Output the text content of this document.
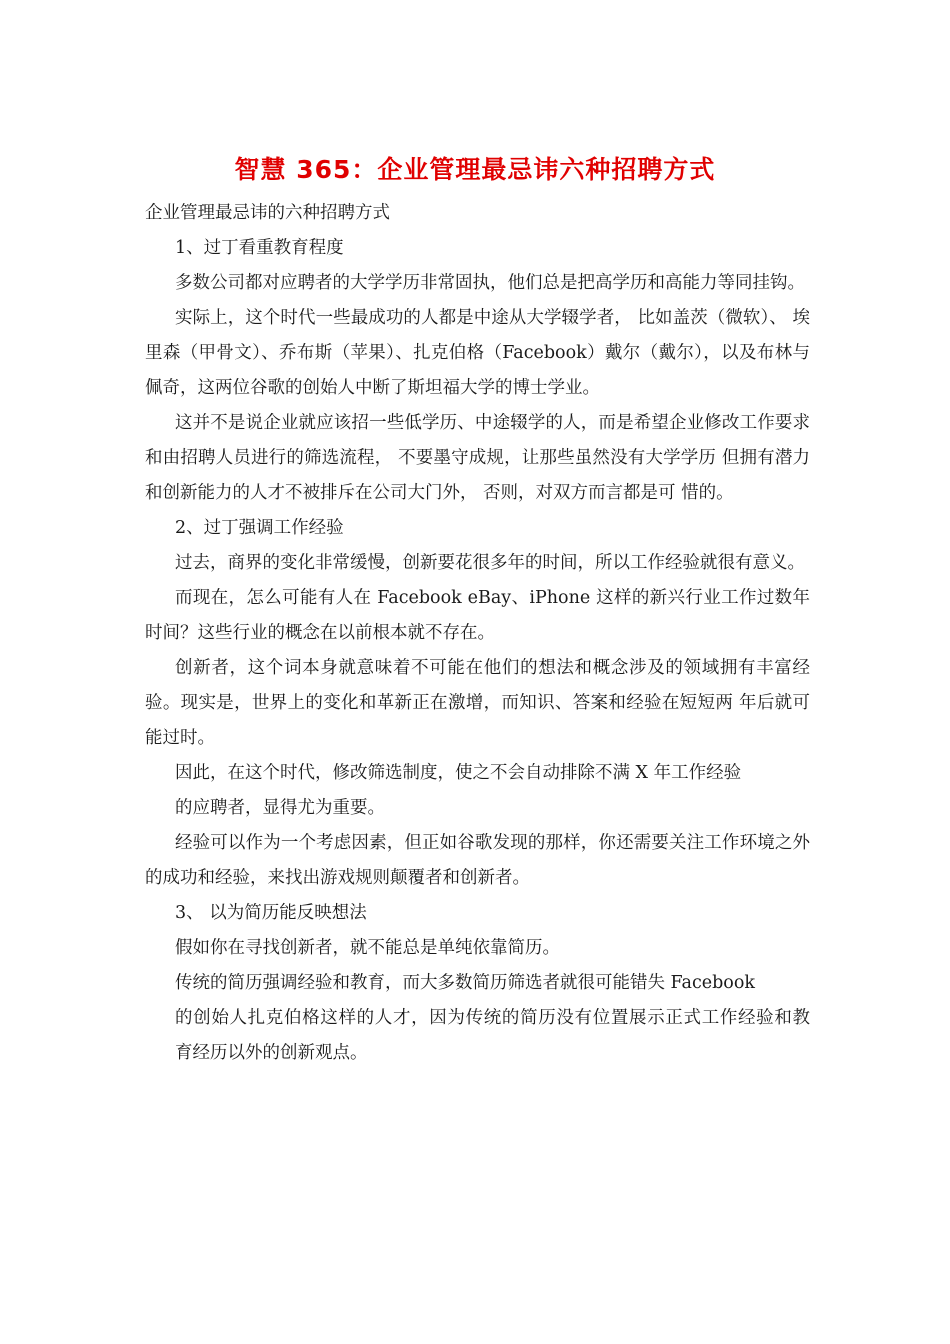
智慧 365：企业管理最忌讳六种招聘方式

企业管理最忌讳的六种招聘方式

1、过丁看重教育程度

多数公司都对应聘者的大学学历非常固执，他们总是把高学历和高能力等同挂钩。

实际上，这个时代一些最成功的人都是中途从大学辍学者， 比如盖茨（微软）、 埃里森（甲骨文）、乔布斯（苹果）、扎克伯格（Facebook）戴尔（戴尔），以及布林与 佩奇，这两位谷歌的创始人中断了斯坦福大学的博士学业。

这并不是说企业就应该招一些低学历、中途辍学的人，而是希望企业修改工作要求和由招聘人员进行的筛选流程， 不要墨守成规，让那些虽然没有大学学历 但拥有潜力和创新能力的人才不被排斥在公司大门外， 否则，对双方而言都是可 惜的。

2、过丁强调工作经验

过去，商界的变化非常缓慢，创新要花很多年的时间，所以工作经验就很有意义。

而现在，怎么可能有人在 Facebook eBay、iPhone 这样的新兴行业工作过数年时间？这些行业的概念在以前根本就不存在。

创新者，这个词本身就意味着不可能在他们的想法和概念涉及的领域拥有丰富经验。现实是，世界上的变化和革新正在激增，而知识、答案和经验在短短两 年后就可能过时。

因此，在这个时代，修改筛选制度，使之不会自动排除不满 X 年工作经验

的应聘者，显得尤为重要。

经验可以作为一个考虑因素，但正如谷歌发现的那样，你还需要关注工作环境之外的成功和经验，来找出游戏规则颠覆者和创新者。

3、 以为简历能反映想法

假如你在寻找创新者，就不能总是单纯依靠简历。

传统的简历强调经验和教育，而大多数简历筛选者就很可能错失 Facebook

的创始人扎克伯格这样的人才，因为传统的简历没有位置展示正式工作经验和教 育经历以外的创新观点。
